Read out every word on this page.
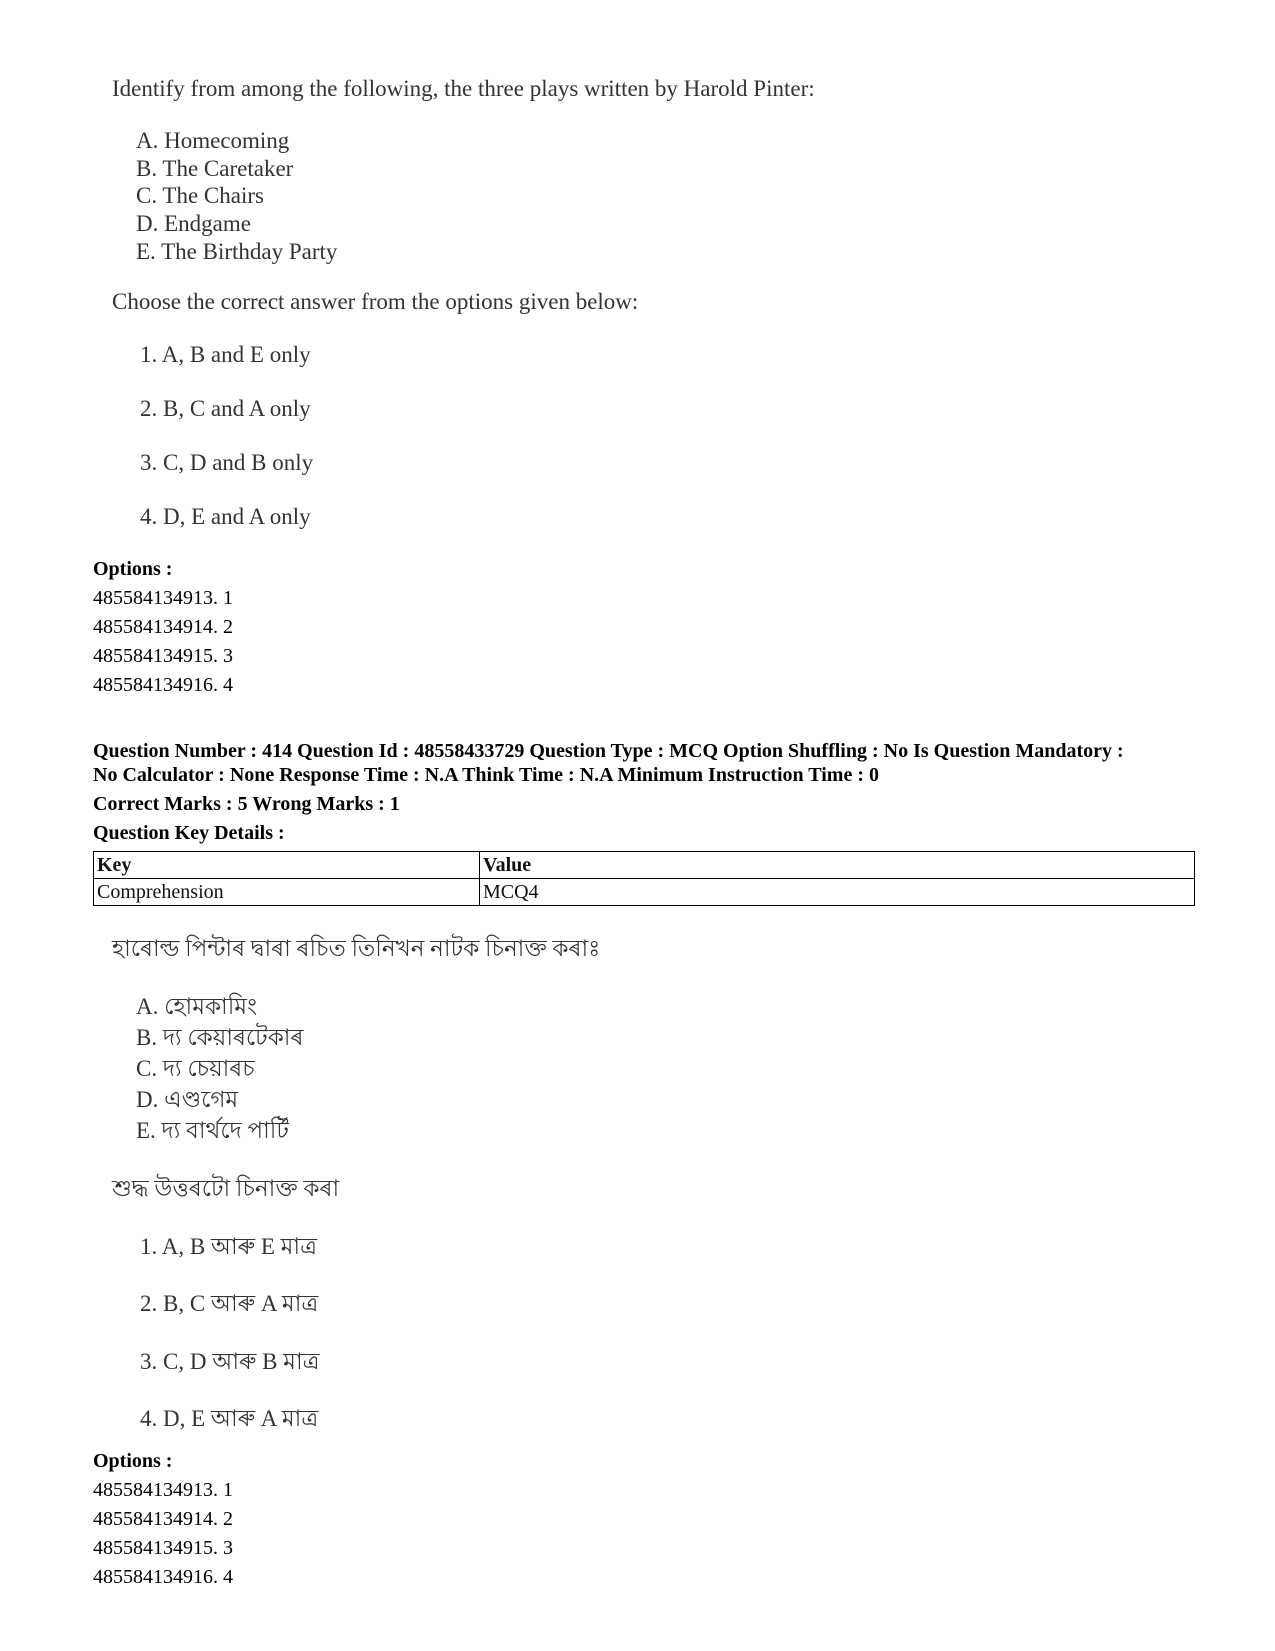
Identify from among the following, the three plays written by Harold Pinter:
A. Homecoming
B. The Caretaker
C. The Chairs
D. Endgame
E. The Birthday Party
Choose the correct answer from the options given below:
1. A, B and E only
2. B, C and A only
3. C, D and B only
4. D, E and A only
Options :
485584134913. 1
485584134914. 2
485584134915. 3
485584134916. 4
Question Number : 414 Question Id : 48558433729 Question Type : MCQ Option Shuffling : No Is Question Mandatory :
No Calculator : None Response Time : N.A Think Time : N.A Minimum Instruction Time : 0
Correct Marks : 5 Wrong Marks : 1
Question Key Details :
Key	Value
Comprehension	MCQ4
হাৰোল্ড পিন্টাৰ দ্বাৰা ৰচিত তিনিখন নাটক চিনাক্ত কৰাঃ
A. হোমকামিং
B. দ্য কেয়াৰটেকাৰ
C. দ্য চেয়াৰচ
D. এণ্ডগেম
E. দ্য বাৰ্থদে পাৰ্টি
শুদ্ধ উত্তৰটো চিনাক্ত কৰা
1. A, B আৰু E মাত্ৰ
2. B, C আৰু A মাত্ৰ
3. C, D আৰু B মাত্ৰ
4. D, E আৰু A মাত্ৰ
Options :
485584134913. 1
485584134914. 2
485584134915. 3
485584134916. 4
